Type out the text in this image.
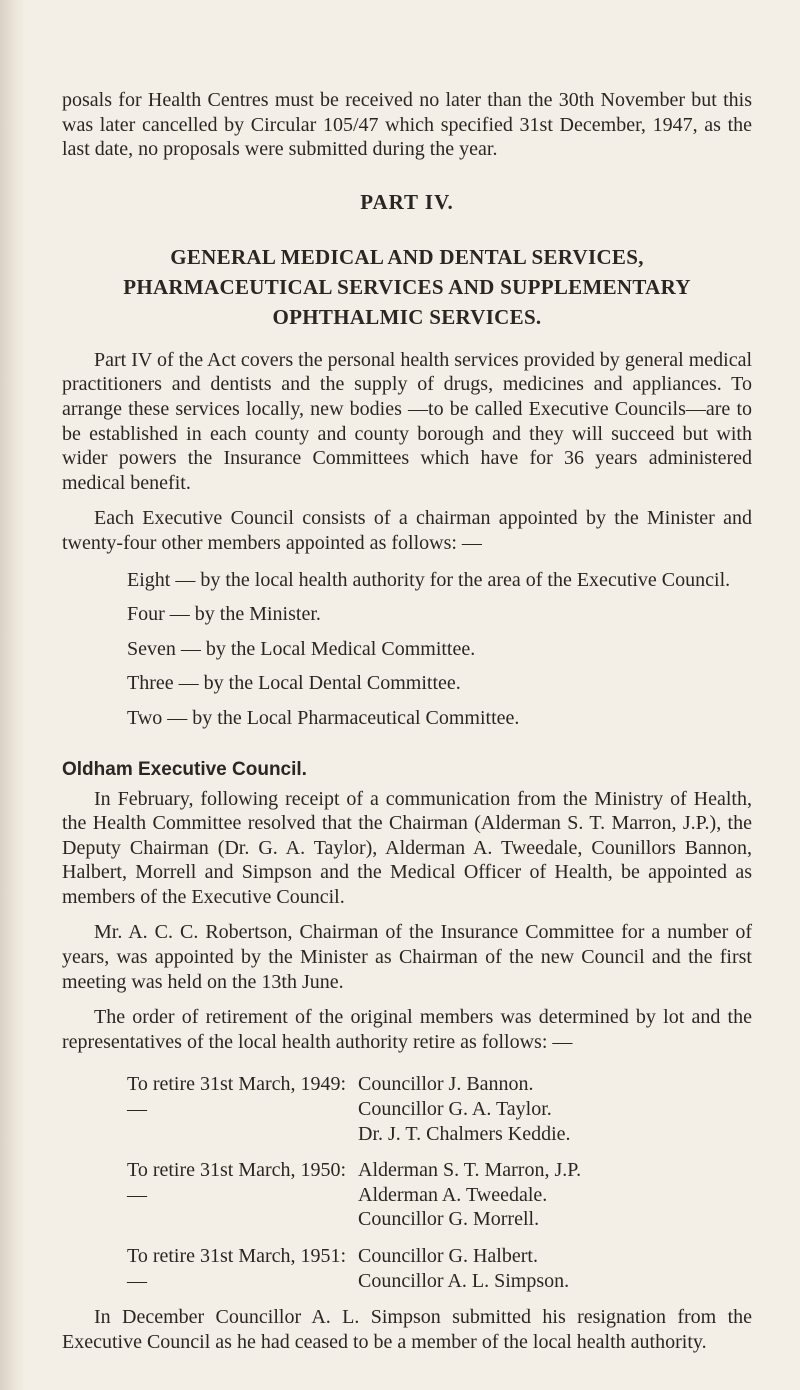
posals for Health Centres must be received no later than the 30th November but this was later cancelled by Circular 105/47 which specified 31st December, 1947, as the last date, no proposals were submitted during the year.

PART IV.
GENERAL MEDICAL AND DENTAL SERVICES,
PHARMACEUTICAL SERVICES AND SUPPLEMENTARY
OPHTHALMIC SERVICES.

Part IV of the Act covers the personal health services provided by general medical practitioners and dentists and the supply of drugs, medicines and appliances. To arrange these services locally, new bodies —to be called Executive Councils—are to be established in each county and county borough and they will succeed but with wider powers the Insurance Committees which have for 36 years administered medical benefit.

Each Executive Council consists of a chairman appointed by the Minister and twenty-four other members appointed as follows: —

Eight — by the local health authority for the area of the Executive Council.
Four — by the Minister.
Seven — by the Local Medical Committee.
Three — by the Local Dental Committee.
Two — by the Local Pharmaceutical Committee.
Oldham Executive Council.

In February, following receipt of a communication from the Ministry of Health, the Health Committee resolved that the Chairman (Alderman S. T. Marron, J.P.), the Deputy Chairman (Dr. G. A. Taylor), Alderman A. Tweedale, Counillors Bannon, Halbert, Morrell and Simpson and the Medical Officer of Health, be appointed as members of the Executive Council.

Mr. A. C. C. Robertson, Chairman of the Insurance Committee for a number of years, was appointed by the Minister as Chairman of the new Council and the first meeting was held on the 13th June.

The order of retirement of the original members was determined by lot and the representatives of the local health authority retire as follows: —

To retire 31st March, 1949: —
Councillor J. Bannon.
Councillor G. A. Taylor.
Dr. J. T. Chalmers Keddie.
To retire 31st March, 1950: —
Alderman S. T. Marron, J.P.
Alderman A. Tweedale.
Councillor G. Morrell.
To retire 31st March, 1951: —
Councillor G. Halbert.
Councillor A. L. Simpson.

In December Councillor A. L. Simpson submitted his resignation from the Executive Council as he had ceased to be a member of the local health authority.
